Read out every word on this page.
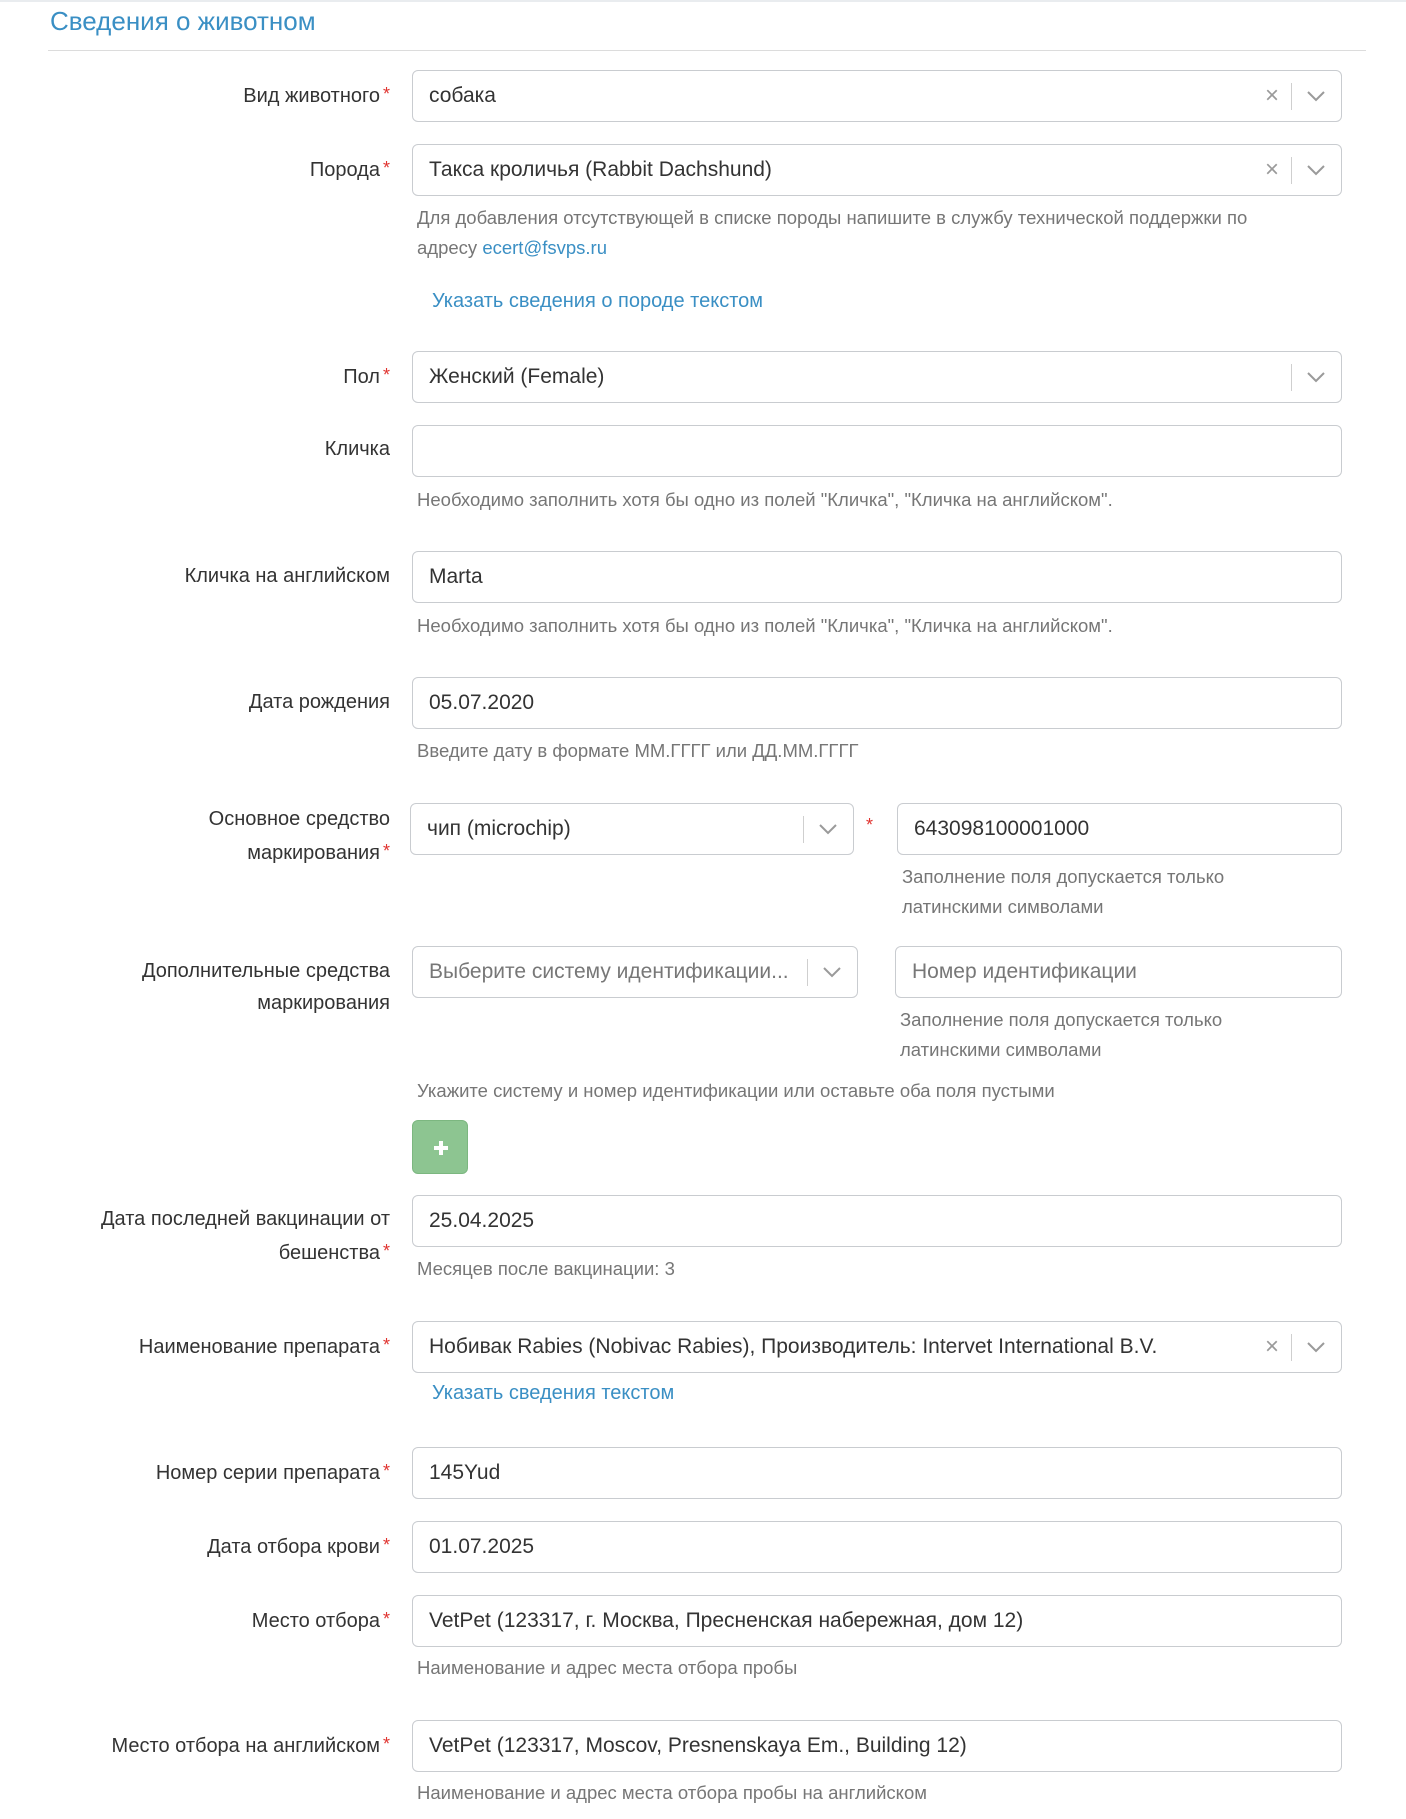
Сведения о животном
Вид животного * собака	×
Порода * Такса кроличья (Rabbit Dachshund)	×
Для добавления отсутствующей в списке породы напишите в службу технической поддержки по
адресу ecert@fsvps.ru
Указать сведения о породе текстом
Пол * Женский (Female)
Кличка
Необходимо заполнить хотя бы одно из полей "Кличка", "Кличка на английском".
Кличка на английском Marta
Необходимо заполнить хотя бы одно из полей "Кличка", "Кличка на английском".
Дата рождения 05.07.2020
Введите дату в формате ММ.ГГГГ или ДД.ММ.ГГГГ
Основное средство
маркирования *
чип (microchip)	* 643098100001000
Заполнение поля допускается только
латинскими символами
Дополнительные средства
маркирования
Выберите систему идентификации...	Номер идентификации
Заполнение поля допускается только
латинскими символами
Укажите систему и номер идентификации или оставьте оба поля пустыми
Дата последней вакцинации от
бешенства *
25.04.2025
Месяцев после вакцинации: 3
Наименование препарата * Нобивак Rabies (Nobivac Rabies), Производитель: Intervet International B.V.	×
Указать сведения текстом
Номер серии препарата * 145Yud
Дата отбора крови * 01.07.2025
Место отбора * VetPet (123317, г. Москва, Пресненская набережная, дом 12)
Наименование и адрес места отбора пробы
Место отбора на английском * VetPet (123317, Moscov, Presnenskaya Em., Building 12)
Наименование и адрес места отбора пробы на английском
